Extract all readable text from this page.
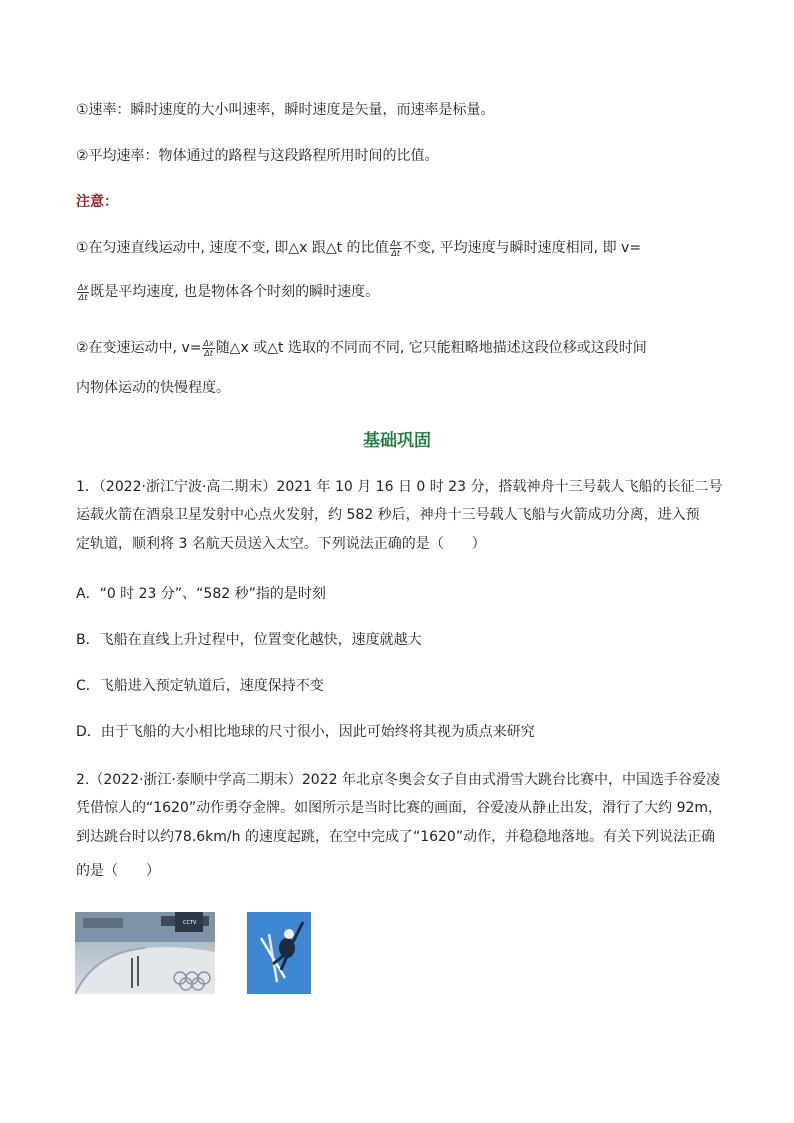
①速率：瞬时速度的大小叫速率，瞬时速度是矢量，而速率是标量。
②平均速率：物体通过的路程与这段路程所用时间的比值。
注意：
①在匀速直线运动中, 速度不变, 即△x 跟△t 的比值 $\frac{\Delta x}{\Delta t}$ 不变, 平均速度与瞬时速度相同, 即 v=
$\frac{\Delta x}{\Delta t}$ 既是平均速度, 也是物体各个时刻的瞬时速度。
②在变速运动中, $v= \frac{\Delta x}{\Delta t}$ 随△x 或△t 选取的不同而不同, 它只能粗略地描述这段位移或这段时间
内物体运动的快慢程度。
基础巩固
1．（2022·浙江宁波·高二期末）2021 年 10 月 16 日 0 时 23 分，搭载神舟十三号载人飞船的长征二号
运载火箭在酒泉卫星发射中心点火发射，约 582 秒后，神舟十三号载人飞船与火箭成功分离，进入预
定轨道，顺利将 3 名航天员送入太空。下列说法正确的是（　　）
A．“0 时 23 分”、“582 秒”指的是时刻
B．飞船在直线上升过程中，位置变化越快，速度就越大
C．飞船进入预定轨道后，速度保持不变
D．由于飞船的大小相比地球的尺寸很小，因此可始终将其视为质点来研究
2.（2022·浙江·泰顺中学高二期末）2022 年北京冬奥会女子自由式滑雪大跳台比赛中，中国选手谷爱凌
凭借惊人的“1620”动作勇夺金牌。如图所示是当时比赛的画面，谷爱凌从静止出发，滑行了大约 92m，
到达跳台时以约78.6km/h 的速度起跳，在空中完成了“1620”动作，并稳稳地落地。有关下列说法正确
的是（　　）
CCTV
